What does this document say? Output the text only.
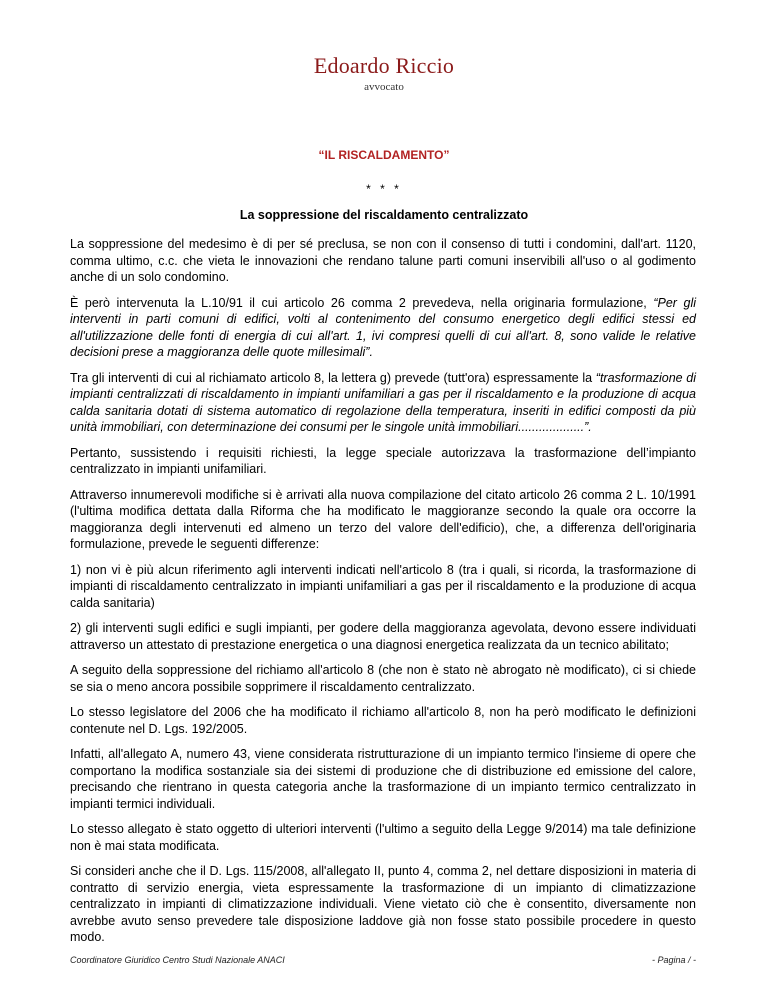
Edoardo Riccio
avvocato
“IL RISCALDAMENTO”
* * *
La soppressione del riscaldamento centralizzato

La soppressione del medesimo è di per sé preclusa, se non con il consenso di tutti i condomini, dall'art. 1120, comma ultimo, c.c. che vieta le innovazioni che rendano talune parti comuni inservibili all'uso o al godimento anche di un solo condomino.

È però intervenuta la L.10/91 il cui articolo 26 comma 2 prevedeva, nella originaria formulazione, “Per gli interventi in parti comuni di edifici, volti al contenimento del consumo energetico degli edifici stessi ed all'utilizzazione delle fonti di energia di cui all'art. 1, ivi compresi quelli di cui all'art. 8, sono valide le relative decisioni prese a maggioranza delle quote millesimali”.

Tra gli interventi di cui al richiamato articolo 8, la lettera g) prevede (tutt'ora) espressamente la “trasformazione di impianti centralizzati di riscaldamento in impianti unifamiliari a gas per il riscaldamento e la produzione di acqua calda sanitaria dotati di sistema automatico di regolazione della temperatura, inseriti in edifici composti da più unità immobiliari, con determinazione dei consumi per le singole unità immobiliari...................”.

Pertanto, sussistendo i requisiti richiesti, la legge speciale autorizzava la trasformazione dell’impianto centralizzato in impianti unifamiliari.

Attraverso innumerevoli modifiche si è arrivati alla nuova compilazione del citato articolo 26 comma 2 L. 10/1991 (l'ultima modifica dettata dalla Riforma che ha modificato le maggioranze secondo la quale ora occorre la maggioranza degli intervenuti ed almeno un terzo del valore dell'edificio), che, a differenza dell'originaria formulazione, prevede le seguenti differenze:

1) non vi è più alcun riferimento agli interventi indicati nell'articolo 8 (tra i quali, si ricorda, la trasformazione di impianti di riscaldamento centralizzato in impianti unifamiliari a gas per il riscaldamento e la produzione di acqua calda sanitaria)

2) gli interventi sugli edifici e sugli impianti, per godere della maggioranza agevolata, devono essere individuati attraverso un attestato di prestazione energetica o una diagnosi energetica realizzata da un tecnico abilitato;

A seguito della soppressione del richiamo all'articolo 8 (che non è stato nè abrogato nè modificato), ci si chiede se sia o meno ancora possibile sopprimere il riscaldamento centralizzato.

Lo stesso legislatore del 2006 che ha modificato il richiamo all'articolo 8, non ha però modificato le definizioni contenute nel D. Lgs. 192/2005.

Infatti, all'allegato A, numero 43, viene considerata ristrutturazione di un impianto termico l'insieme di opere che comportano la modifica sostanziale sia dei sistemi di produzione che di distribuzione ed emissione del calore, precisando che rientrano in questa categoria anche la trasformazione di un impianto termico centralizzato in impianti termici individuali.

Lo stesso allegato è stato oggetto di ulteriori interventi (l'ultimo a seguito della Legge 9/2014) ma tale definizione non è mai stata modificata.

Si consideri anche che il D. Lgs. 115/2008, all'allegato II, punto 4, comma 2, nel dettare disposizioni in materia di contratto di servizio energia, vieta espressamente la trasformazione di un impianto di climatizzazione centralizzato in impianti di climatizzazione individuali. Viene vietato ciò che è consentito, diversamente non avrebbe avuto senso prevedere tale disposizione laddove già non fosse stato possibile procedere in questo modo.

Coordinatore Giuridico Centro Studi Nazionale ANACI	- Pagina / -
